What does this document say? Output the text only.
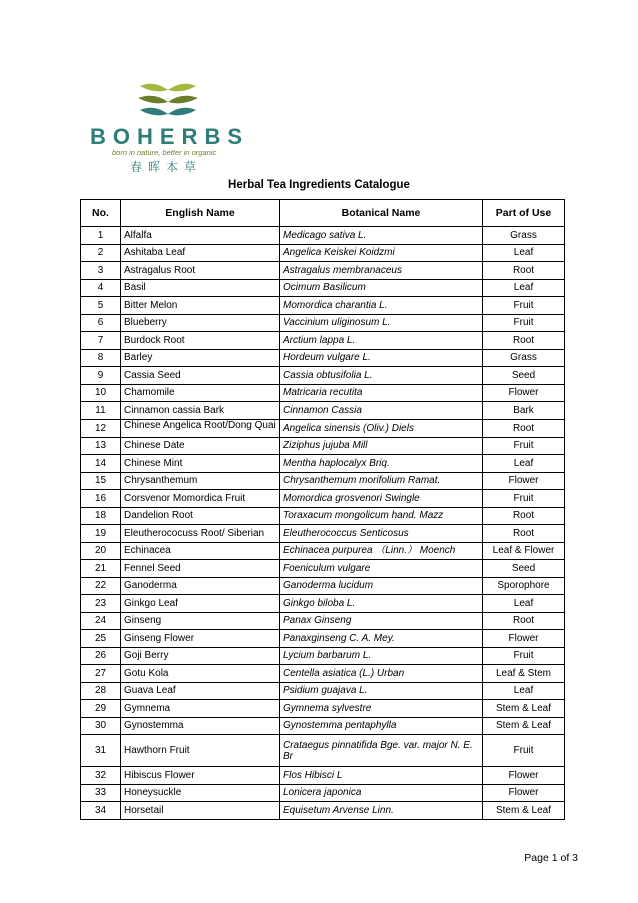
BOHERBS
born in nature, better in organic
春晖本草
Herbal Tea Ingredients Catalogue
No.	English Name	Botanical Name	Part of Use
1	Alfalfa	Medicago sativa L.	Grass
2	Ashitaba Leaf	Angelica Keiskei Koidzmi	Leaf
3	Astragalus Root	Astragalus membranaceus	Root
4	Basil	Ocimum Basilicum	Leaf
5	Bitter Melon	Momordica charantia L.	Fruit
6	Blueberry	Vaccinium uliginosum L.	Fruit
7	Burdock Root	Arctium lappa L.	Root
8	Barley	Hordeum vulgare L.	Grass
9	Cassia Seed	Cassia obtusifolia L.	Seed
10	Chamomile	Matricaria recutita	Flower
11	Cinnamon cassia Bark	Cinnamon Cassia	Bark
12	Chinese Angelica Root/Dong Quai	Angelica sinensis (Oliv.) Diels	Root
13	Chinese Date	Ziziphus jujuba Mill	Fruit
14	Chinese Mint	Mentha haplocalyx Briq.	Leaf
15	Chrysanthemum	Chrysanthemum morifolium Ramat.	Flower
16	Corsvenor Momordica Fruit	Momordica grosvenori Swingle	Fruit
18	Dandelion Root	Toraxacum mongolicum hand. Mazz	Root
19	Eleutherococuss Root/ Siberian	Eleutherococcus Senticosus	Root
20	Echinacea	Echinacea purpurea （Linn.） Moench	Leaf & Flower
21	Fennel Seed	Foeniculum vulgare	Seed
22	Ganoderma	Ganoderma lucidum	Sporophore
23	Ginkgo Leaf	Ginkgo biloba L.	Leaf
24	Ginseng	Panax Ginseng	Root
25	Ginseng Flower	Panaxginseng C. A. Mey.	Flower
26	Goji Berry	Lycium barbarum L.	Fruit
27	Gotu Kola	Centella asiatica (L.) Urban	Leaf & Stem
28	Guava Leaf	Psidium guajava L.	Leaf
29	Gymnema	Gymnema sylvestre	Stem & Leaf
30	Gynostemma	Gynostemma pentaphylla	Stem & Leaf
31	Hawthorn Fruit	Crataegus pinnatifida Bge. var. major N. E. Br	Fruit
32	Hibiscus Flower	Flos Hibisci L	Flower
33	Honeysuckle	Lonicera japonica	Flower
34	Horsetail	Equisetum Arvense Linn.	Stem & Leaf
Page 1 of 3
